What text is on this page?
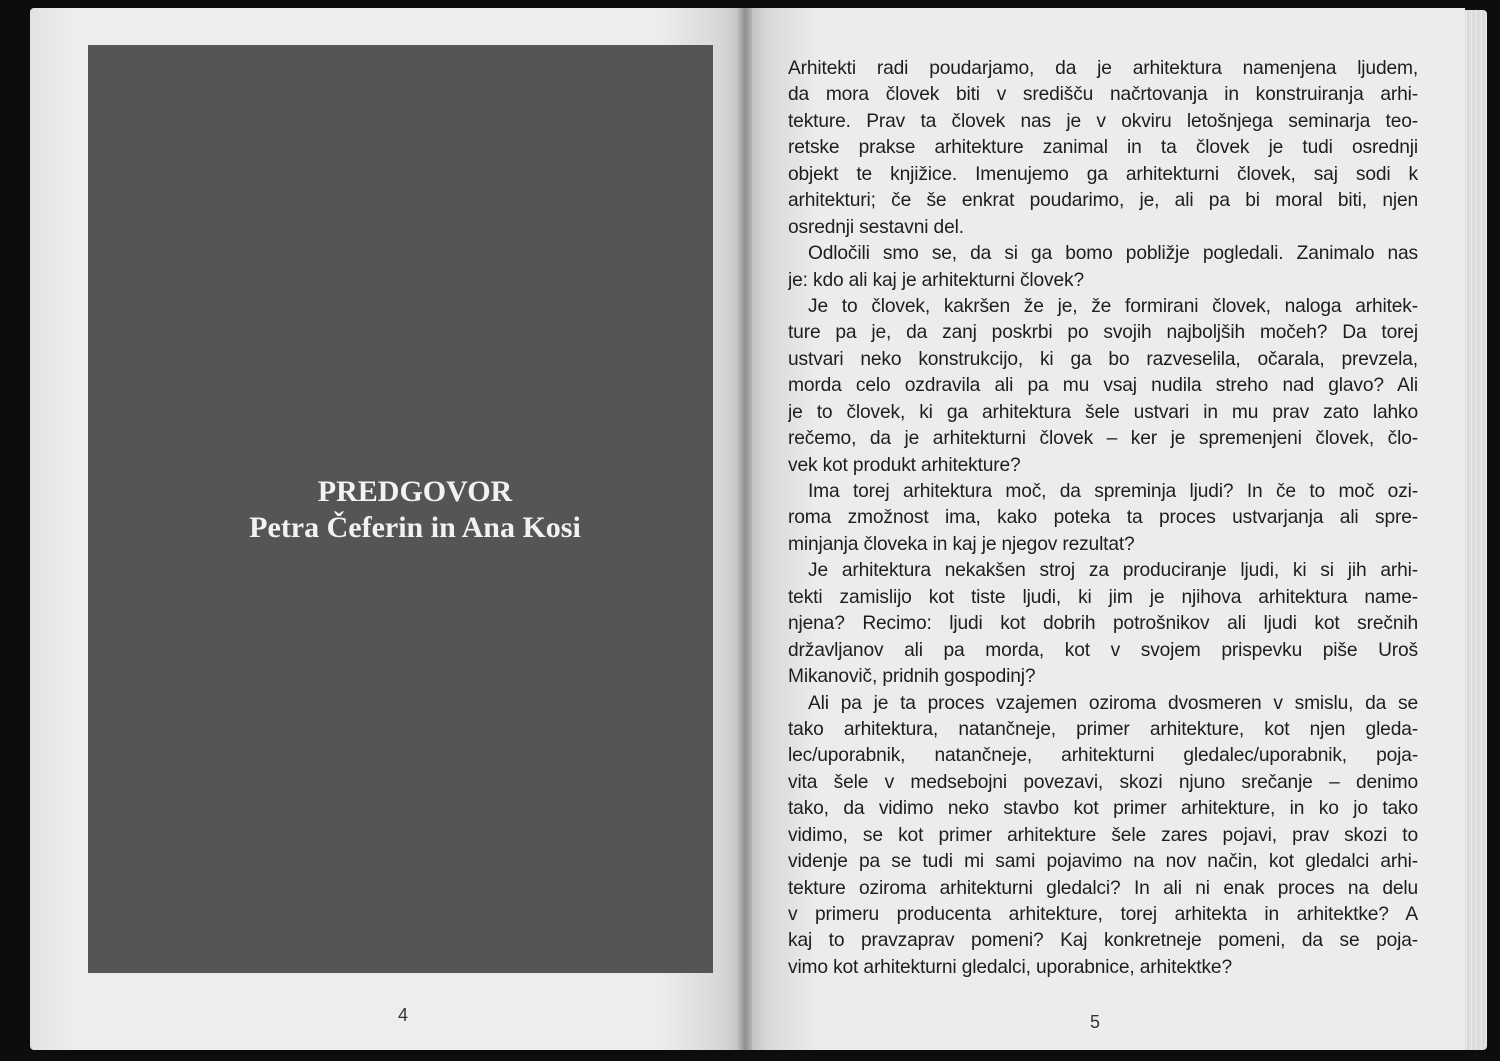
PREDGOVOR
Petra Čeferin in Ana Kosi
4
Arhitekti radi poudarjamo, da je arhitektura namenjena ljudem,
da mora človek biti v središču načrtovanja in konstruiranja arhi-
tekture. Prav ta človek nas je v okviru letošnjega seminarja teo-
retske prakse arhitekture zanimal in ta človek je tudi osrednji
objekt te knjižice. Imenujemo ga arhitekturni človek, saj sodi k
arhitekturi; če še enkrat poudarimo, je, ali pa bi moral biti, njen
osrednji sestavni del.
Odločili smo se, da si ga bomo pobližje pogledali. Zanimalo nas
je: kdo ali kaj je arhitekturni človek?
Je to človek, kakršen že je, že formirani človek, naloga arhitek-
ture pa je, da zanj poskrbi po svojih najboljših močeh? Da torej
ustvari neko konstrukcijo, ki ga bo razveselila, očarala, prevzela,
morda celo ozdravila ali pa mu vsaj nudila streho nad glavo? Ali
je to človek, ki ga arhitektura šele ustvari in mu prav zato lahko
rečemo, da je arhitekturni človek – ker je spremenjeni človek, člo-
vek kot produkt arhitekture?
Ima torej arhitektura moč, da spreminja ljudi? In če to moč ozi-
roma zmožnost ima, kako poteka ta proces ustvarjanja ali spre-
minjanja človeka in kaj je njegov rezultat?
Je arhitektura nekakšen stroj za produciranje ljudi, ki si jih arhi-
tekti zamislijo kot tiste ljudi, ki jim je njihova arhitektura name-
njena? Recimo: ljudi kot dobrih potrošnikov ali ljudi kot srečnih
državljanov ali pa morda, kot v svojem prispevku piše Uroš
Mikanovič, pridnih gospodinj?
Ali pa je ta proces vzajemen oziroma dvosmeren v smislu, da se
tako arhitektura, natančneje, primer arhitekture, kot njen gleda-
lec/uporabnik, natančneje, arhitekturni gledalec/uporabnik, poja-
vita šele v medsebojni povezavi, skozi njuno srečanje – denimo
tako, da vidimo neko stavbo kot primer arhitekture, in ko jo tako
vidimo, se kot primer arhitekture šele zares pojavi, prav skozi to
videnje pa se tudi mi sami pojavimo na nov način, kot gledalci arhi-
tekture oziroma arhitekturni gledalci? In ali ni enak proces na delu
v primeru producenta arhitekture, torej arhitekta in arhitektke? A
kaj to pravzaprav pomeni? Kaj konkretneje pomeni, da se poja-
vimo kot arhitekturni gledalci, uporabnice, arhitektke?
5
